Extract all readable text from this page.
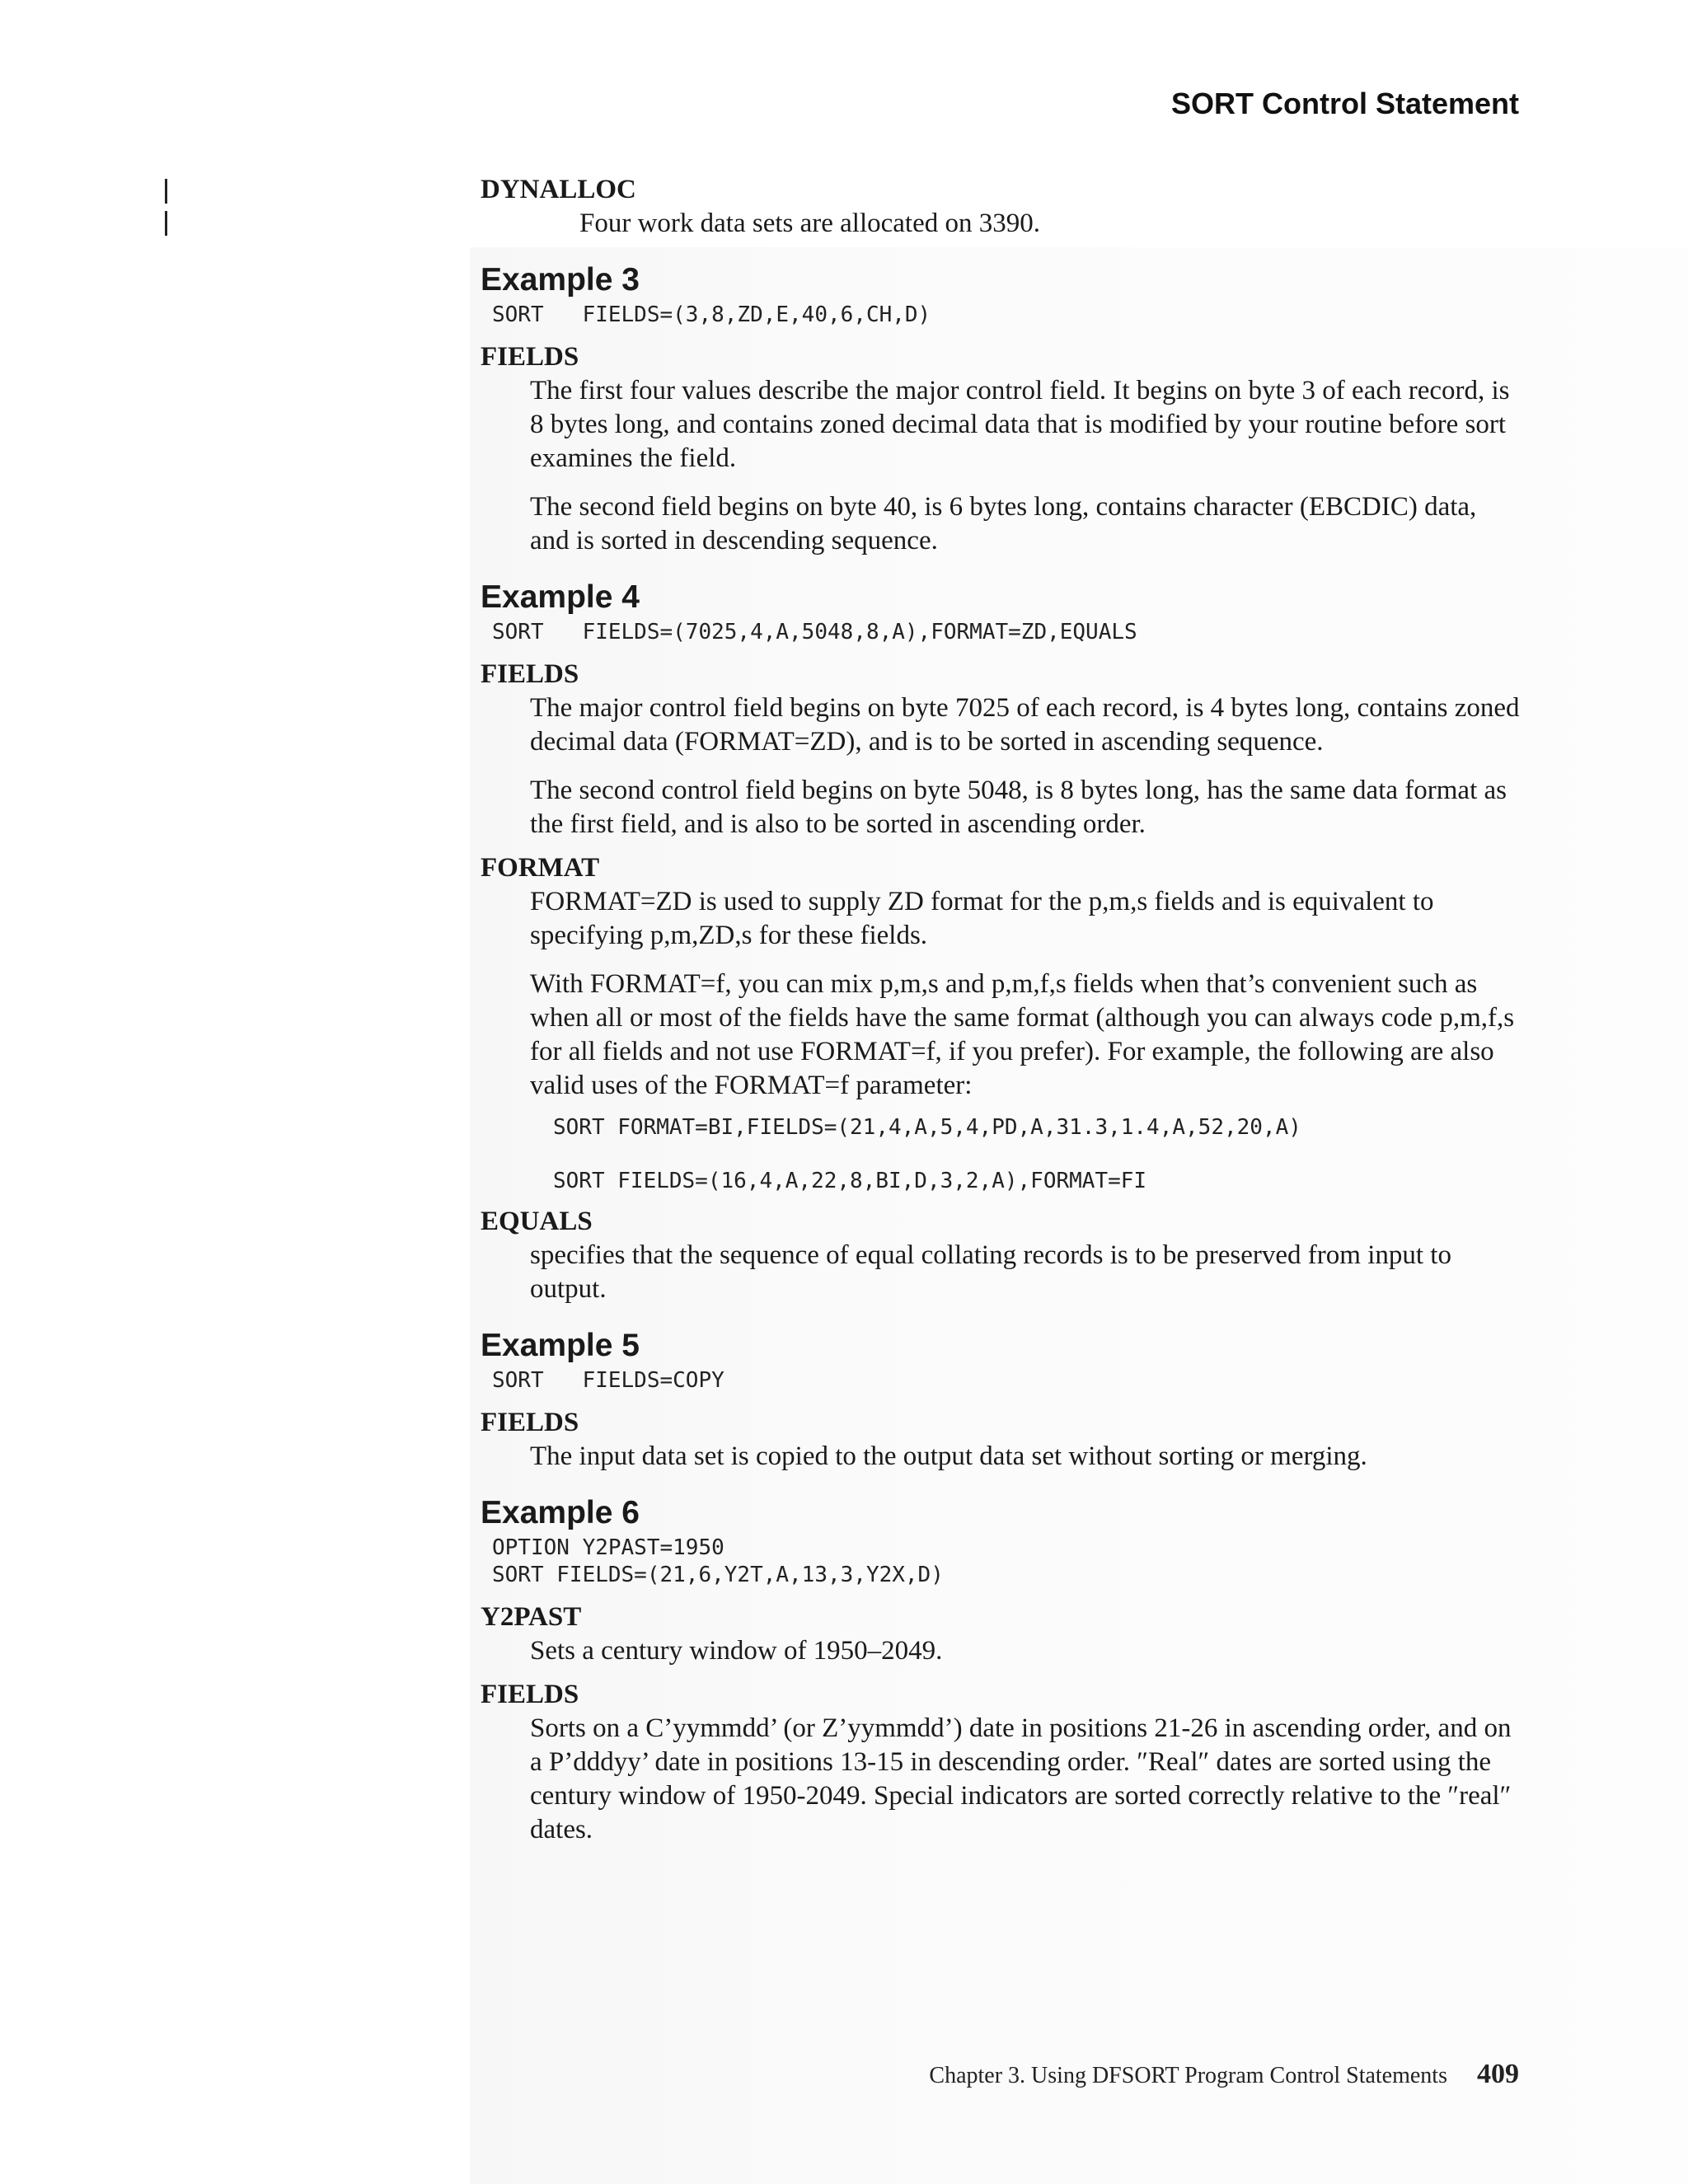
SORT Control Statement

DYNALLOC

Four work data sets are allocated on 3390.

Example 3
SORT   FIELDS=(3,8,ZD,E,40,6,CH,D)

FIELDS

The first four values describe the major control field. It begins on byte 3 of each record, is 8 bytes long, and contains zoned decimal data that is modified by your routine before sort examines the field.

The second field begins on byte 40, is 6 bytes long, contains character (EBCDIC) data, and is sorted in descending sequence.

Example 4
SORT   FIELDS=(7025,4,A,5048,8,A),FORMAT=ZD,EQUALS

FIELDS

The major control field begins on byte 7025 of each record, is 4 bytes long, contains zoned decimal data (FORMAT=ZD), and is to be sorted in ascending sequence.

The second control field begins on byte 5048, is 8 bytes long, has the same data format as the first field, and is also to be sorted in ascending order.

FORMAT

FORMAT=ZD is used to supply ZD format for the p,m,s fields and is equivalent to specifying p,m,ZD,s for these fields.

With FORMAT=f, you can mix p,m,s and p,m,f,s fields when that’s convenient such as when all or most of the fields have the same format (although you can always code p,m,f,s for all fields and not use FORMAT=f, if you prefer). For example, the following are also valid uses of the FORMAT=f parameter:

SORT FORMAT=BI,FIELDS=(21,4,A,5,4,PD,A,31.3,1.4,A,52,20,A)
SORT FIELDS=(16,4,A,22,8,BI,D,3,2,A),FORMAT=FI

EQUALS

specifies that the sequence of equal collating records is to be preserved from input to output.

Example 5
SORT   FIELDS=COPY

FIELDS

The input data set is copied to the output data set without sorting or merging.

Example 6
OPTION Y2PAST=1950
SORT FIELDS=(21,6,Y2T,A,13,3,Y2X,D)

Y2PAST

Sets a century window of 1950–2049.

FIELDS

Sorts on a C’yymmdd’ (or Z’yymmdd’) date in positions 21-26 in ascending order, and on a P’dddyy’ date in positions 13-15 in descending order. ″Real″ dates are sorted using the century window of 1950-2049. Special indicators are sorted correctly relative to the ″real″ dates.

Chapter 3. Using DFSORT Program Control Statements 409
